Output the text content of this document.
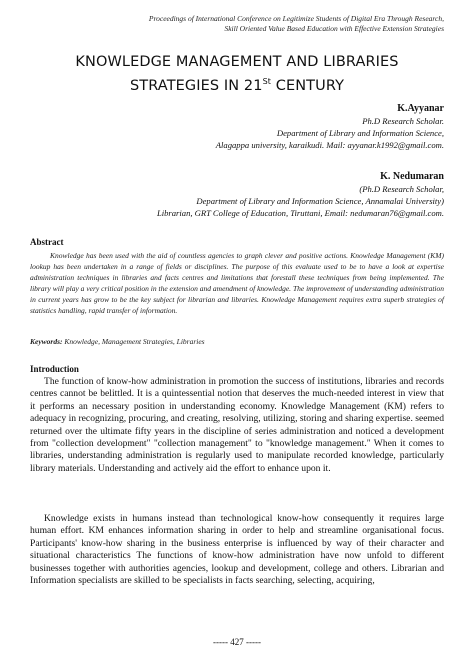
Proceedings of International Conference on Legitimize Students of Digital Era Through Research,
Skill Oriented Value Based Education with Effective Extension Strategies
KNOWLEDGE MANAGEMENT AND LIBRARIES
STRATEGIES IN 21St CENTURY
K.Ayyanar
Ph.D Research Scholar.
Department of Library and Information Science,
Alagappa university, karaikudi. Mail: ayyanar.k1992@gmail.com.
K. Nedumaran
(Ph.D Research Scholar,
Department of Library and Information Science, Annamalai University)
Librarian, GRT College of Education, Tiruttani, Email: nedumaran76@gmail.com.
Abstract
Knowledge has been used with the aid of countless agencies to graph clever and positive actions. Knowledge Management (KM) lookup has been undertaken in a range of fields or disciplines. The purpose of this evaluate used to be to have a look at expertise administration techniques in libraries and facts centres and limitations that forestall these techniques from being implemented. The library will play a very critical position in the extension and amendment of knowledge. The improvement of understanding administration in current years has grow to be the key subject for librarian and libraries. Knowledge Management requires extra superb strategies of statistics handling, rapid transfer of information.
Keywords: Knowledge, Management Strategies, Libraries
Introduction
The function of know-how administration in promotion the success of institutions, libraries and records centres cannot be belittled. It is a quintessential notion that deserves the much-needed interest in view that it performs an necessary position in understanding economy. Knowledge Management (KM) refers to adequacy in recognizing, procuring, and creating, resolving, utilizing, storing and sharing expertise. seemed returned over the ultimate fifty years in the discipline of series administration and noticed a development from "collection development" "collection management" to "knowledge management." When it comes to libraries, understanding administration is regularly used to manipulate recorded knowledge, particularly library materials. Understanding and actively aid the effort to enhance upon it.
Knowledge exists in humans instead than technological know-how consequently it requires large human effort. KM enhances information sharing in order to help and streamline organisational focus. Participants' know-how sharing in the business enterprise is influenced by way of their character and situational characteristics The functions of know-how administration have now unfold to different businesses together with authorities agencies, lookup and development, college and others. Librarian and Information specialists are skilled to be specialists in facts searching, selecting, acquiring,
----- 427 -----
